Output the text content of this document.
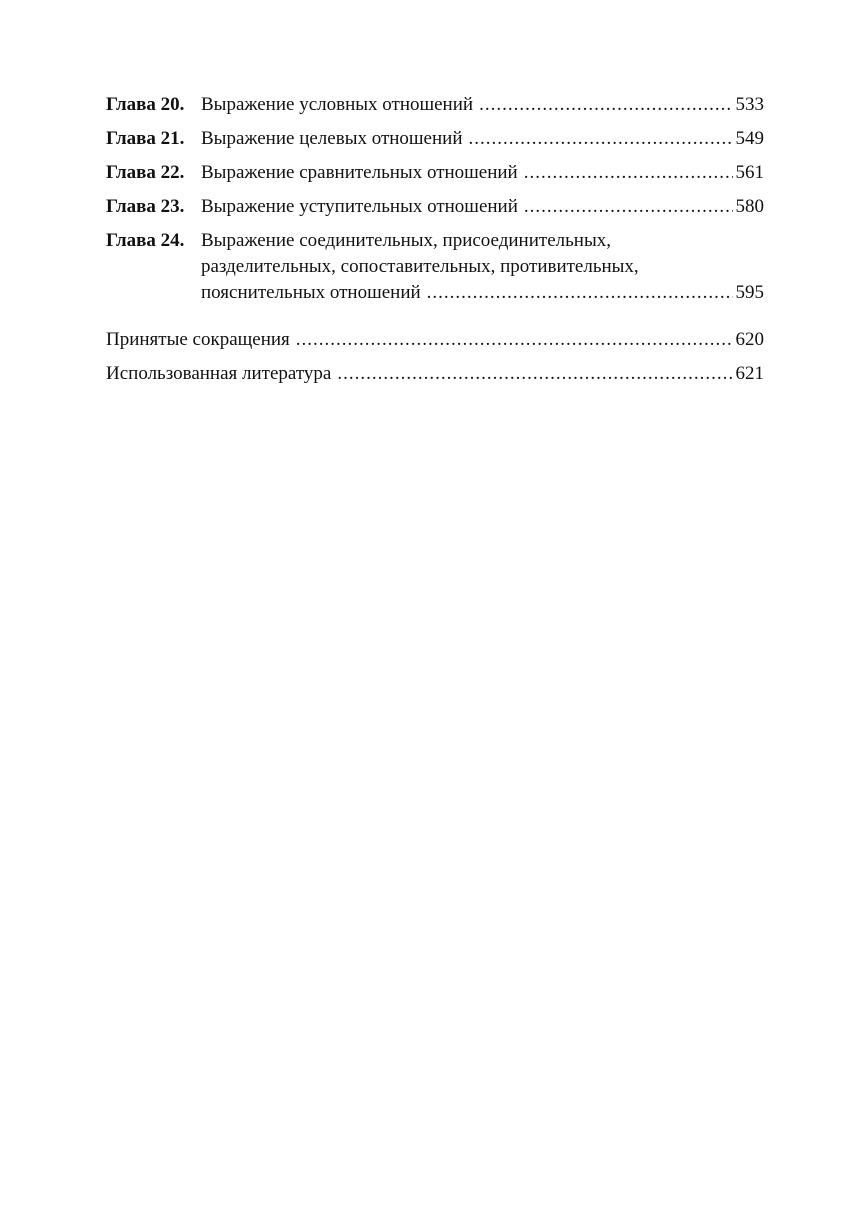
Глава 20. Выражение условных отношений .....	533
Глава 21. Выражение целевых отношений .....	549
Глава 22. Выражение сравнительных отношений .....	561
Глава 23. Выражение уступительных отношений .....	580
Глава 24. Выражение соединительных, присоединительных,
разделительных, сопоставительных, противительных,
пояснительных отношений .....	595
Принятые сокращения .....	620
Использованная литература .....	621
